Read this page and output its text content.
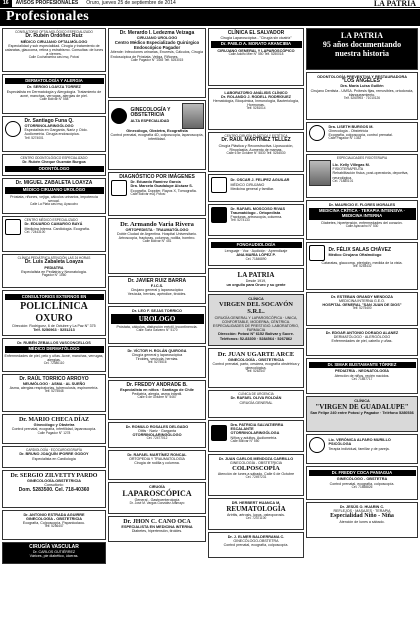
16	AVISOS PROFESIONALES	Oruro, jueves 25 de septiembre de 2014	LA PATRIA
Profesionales
CONSULTORIO OFTALMOLÓGICO ESPECIALIZADO
Dr. Rubén Ordóñez Ruiz
MÉDICO CIRUJANO OFTALMÓLOGO
Especialidad y sub especialidad. Cirugía y tratamiento de cataratas, glaucoma, retina y estrabismo. Consultas: de lunes a viernes.
Calle Cochabamba casi esq. Potosí
DERMATOLOGÍA Y ALERGIA
Dr. SERGIO LOAYZA TORREZ
Especialista en Dermatología y Alergología. Tratamiento de acné, manchas, verrugas, alergias de piel.
Calle Bolívar N° 558
Dr. Santiago Funa Q.
OTORRINOLARINGÓLOGO
Especialista en Garganta, Nariz y Oído. Audiometría. Cirugía endoscópica.
Telf. 5274001
CENTRO ODONTOLÓGICO ESPECIALIZADO
Dr. Rubén Cheque Guzmán Burgoa
ODONTÓLOGO
Dr. MIGUEL ZABALETA LOAYZA
MÉDICO CIRUJANO UROLÓGO
Próstata, riñones, vejiga, cálculos urinarios, impotencia sexual.
Calle La Plata casi esq. Ayacucho
CENTRO MÉDICO ESPECIALIZADO
Dr. EDUARDO CAMARGO BAYÁ
Medicina Interna. Cardiología. Ecografía.
Cel. 72443100
CLÍNICA PEDIÁTRICA ATENCIÓN LAS 24 HORAS
Dr. Luis Zabaleta Loayza
PEDIATRA
Especialista en Pediatría y Neonatología.
Pagador N° 1560
CONSULTORIOS EXTERNOS EN
POLICLÍNICA
OXURO
Dirección: Rodríguez, 6 de Octubre y La Paz N° 375
Telf. 5256963 · 5251213
Dr. RUBÉN ZEBALLOS VASCONCELLOS
MÉDICO DERMATÓLOGO
Enfermedades de piel, pelo y uñas. Acné, manchas, verrugas, alergias.
Cel. 72480110
Dr. RAÚL TORRICO ARROYO
NEUMÓLOGO · ASMA · AL SUEÑO
Asma, alergias respiratorias, tuberculosis, espirometría.
Telf. 5275548
Dr. MARIO CHECA DÍAZ
Ginecólogo y Obstetra
Control prenatal, ecografía, infertilidad, laparoscopía.
Calle Pagador N° 1278
CARDIOLOGÍA · ECOCARDIOGRAFÍA
Dr. BRUNO JOAQUÍN IPORRE GODOY
Especialista en Cardiología
Dr. SERGIO ZILVETTY PARDO
GINECOLOGÍA-OBSTETRICIA
Consultorio:
Dom. 5283500. Cel. 718-40360
Dr. ANTONIO ESTRADA AGUIRRE
GINECOLOGÍA - OBSTETRICIA
Ecografía, Colposcopía, Papanicolaou.
Telf. 5256447
CIRUGÍA VASCULAR
Dr. CARLOS GUTIÉRREZ
Várices, pie diabético, úlceras.
Dr. Merardo I. Ledezma Veizaga
CIRUJANO UROLOGO
Centro Médico Especializado Quirúrgico Endoscópico Pagador
Atiende: Infecciones urinarias, Enuresis, Cálculos, Cirugía Endoscópica de Próstata, Vejiga, Riñones.
Calle Pagador N° 1445 Telf. 5253015
GINECOLOGÍA Y OBSTETRICIA
ALTA ESPECIALIDAD
Ginecólogo, Obstetra, Ecografista
Control prenatal, ecografía 4D, colposcopía, laparoscopía, infertilidad.
DIAGNÓSTICO POR IMÁGENES
Dr. Eduardo Ramírez García
Dra. Marcela Guadalupe Alcázar S.
Ecografía, Doppler, Rayos X, Tomografía.
Calle Bolívar esq. Potosí
Dr. Armando Varia Rivera
ORTOPEDISTA · TRAUMATÓLOGO
Doble Ciudad de Argentina. Hospital Universitario. Artroscopía, fracturas, columna, rodilla, hombro.
Calle Bolívar N° 451
Dr. JAVIER RUIZ BARRA
F.I.C.S.
Cirujano general y laparoscópico
Vesícula, hernias, apéndice, tiroides.
Dr. LEO F. SEJAS TORRICO
UROLOGO
Próstata, cálculos, disfunción eréctil, incontinencia.
Calle Soria Galvarro N° 5170
Dr. VÍCTOR H. ROLÁN QUIROGA
Cirugía general y laparoscópica
Tiroides, vesícula, hernias.
Telf. 5275516
Dr. FREDDY ANDRADE B.
Especialista en niños · Santiago de Chile
Pediatría, alergia, asma infantil.
Calle 6 de Octubre N° 5467
Dr. ROMULO ROSALES DELGADO
Otitis · Nariz · Garganta
OTORRINOLARINGÓLOGO
Cel. 72477012
Dr. RAFAEL MARTÍNEZ RONCAL
ORTOPEDIA Y TRAUMATOLOGÍA
Cirugía de rodilla y columna.
CIRUGÍA
LAPAROSCÓPICA
General - Gastroenterología
Dr. José M. Vargas González Aramayo
Dr. JHON C. CANO OCA
ESPECIALISTA EN MEDICINA INTERNA
Diabetes, hipertensión, tiroides.
CLÍNICA EL SALVADOR
Cirugía Laparoscópica - "Cirugía sin cicatriz"
Dr. PABLO A. MORATO ARANCIBIA
CIRUJANO GENERAL Y LAPAROSCÓPICO
Calle Adolfo Mier N° 550 Telf. 5250018
LABORATORIO ANÁLISIS CLÍNICO
Dr. ROLANDO J. RODELL RODRÍGUEZ
Hematología, Bioquímica, Inmunología, Bacteriología, Hormonas.
Telf. 5281014
CENTRO CIRUGÍA PLÁSTICA Y ESTÉTICA
Dr. RAÚL MARTÍNEZ TELLEZ
Cirugía Plástica y Reconstructiva. Liposucción, Rinoplastía, Aumento de mamas.
Calle 6 de Octubre N° 5830 Telf. 5254530
Dr. OSCAR J. FELIPEZ AGUILAR
MÉDICO CIRUJANO
Medicina general y familiar.
Dr. RAFAEL MOSCOSO RIVAS
Traumatólogo - Ortopedista
Fracturas, artroscopía, columna.
Telf. 5274133
FONOAUDIOLOGÍA
Lenguaje · Voz · Audición · Aprendizaje
ANA MARÍA LÓPEZ P.
Cel. 71846890
LA PATRIA
Desde 1919,
un orgullo para Oruro y su gente
CLÍNICA
VIRGEN DEL SOCAVÓN S.R.L.
CIRUGÍA GENERAL Y LAPAROSCÓPICA · UNICA, CONFORTABLE, MODERNA, CÉNTRICA. ESPECIALIDADES DE PRESTIGIO. LABORATORIO, FARMACIA
Dirección: Potosí N° 6152 Bolívar y Sucre. Teléfonos: 52-83300 · 5284564 · 5267862
Dr. JUAN UGARTE ARCE
GINECOLOGÍA - OBSTETRICIA
Control prenatal, parto, cesárea, ecografía obstétrica y ginecológica.
Telf. 5262447
CLÍNICA DE URGENCIA
Dr. RAFAEL OLIVA ROLDÁN
CIRUGÍA GENERAL
Dra. PATRICIA SALVATIERRA ESCALANTE
OTORRINOLARINGÓLOGA
Niños y adultos. Audiometría.
Calle Bolívar N° 550
Dr. JUAN CARLOS MENDOZA CARRILLO
GINECOLOGÍA - OBSTETRICIA
COLPOSCOPÍA
Atención de lunes a sábado. Calle 6 de Octubre
Cel. 72497231
DR. HERBERT HUANCA M.
REUMATOLOGÍA
Artritis, artrosis, lupus, osteoporosis.
Cel. 72471100
Dr. J. ELMER BALDERRAMA C.
GINECÓLOGO-OBSTETRA
Control prenatal, ecografía, colposcopía.
LA PATRIA
95 años documentando
nuestra historia
ODONTOLOGÍA PREVENTIVA Y RESTAURADORA
"LOS ÁNGELES"
Dra. María Luisa Guillén
Cirujano Dentista - UMSA. Prótesis fijas, removibles, ortodoncia, blanqueamiento.
Telf. 5260993 · 71010126
Dra. LISETH BURGOS M.
Ginecología - Obstetricia
Ecografía, colposcopía, control prenatal.
Calle Pagador N° 1352
ESPECIALIDADES FISIOTERAPIA
Lic. Kelly Villegas M.
FISIOTERAPEUTA
Rehabilitación física, post-operatoria, deportiva, neurológica.
Cel. 71880101
Dr. MAURICIO E. FLORES MORALES
MEDICINA CRÍTICA · TERAPIA INTENSIVA · MEDICINA INTERNA
Diabetes, hipertensión, enfermedades del corazón.
Calle Ayacucho N° 530
Dr. FÉLIX SALAS CHÁVEZ
Médico Cirujano Oftalmólogo
Cataratas, glaucoma, pterigión, medida de la vista.
Telf. 5254432
Dr. ESTEBAN GRANDY MENDOZA
MEDICINA INTERNA G.E.O.
HOSPITAL GENERAL "SAN JUAN DE DIOS"
Telf. 5275400
Dr. EDGAR ANTONIO DORADO ALANEZ
DERMATÓLOGO · ALERGÓLOGO
Enfermedades de piel, cabello y uñas.
Dr. SIMAR BUSTAMANTE TÓRREZ
PEDIATRÍA - NEONATOLOGÍA
Atención de niños, recién nacidos.
Cel. 71857717
CLÍNICA
"VIRGEN DE GUADALUPE"
San Felipe 240 entre Potosí y Pagador · Teléfono 5280536
Lic. VERÓNICA ALFARO MURILLO
PSICÓLOGA
Terapia individual, familiar y de pareja.
Dr. FREDDY COCA PANIAGUA
GINECÓLOGO - OBSTETRA
Control prenatal, ecografía, colposcopía.
Cel. 71858826
Dr. JESÚS O. HUARIN C.
REFLEJOS · MASAJES · TERAPIA
Especialidad Niño - Niña
Atención de lunes a sábado.
